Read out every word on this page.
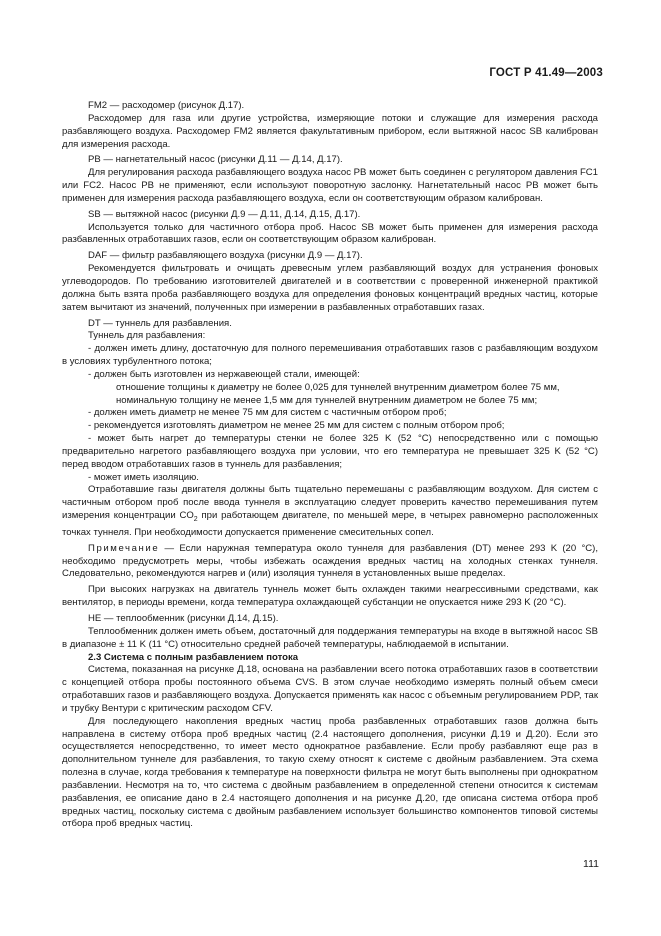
ГОСТ Р 41.49—2003

FM2 — расходомер (рисунок Д.17).

Расходомер для газа или другие устройства, измеряющие потоки и служащие для измерения расхода разбавляющего воздуха. Расходомер FM2 является факультативным прибором, если вытяжной насос SB калиброван для измерения расхода.

PB — нагнетательный насос (рисунки Д.11 — Д.14, Д.17).

Для регулирования расхода разбавляющего воздуха насос PB может быть соединен с регулятором давления FC1 или FC2. Насос PB не применяют, если используют поворотную заслонку. Нагнетательный насос PB может быть применен для измерения расхода разбавляющего воздуха, если он соответствующим образом калиброван.

SB — вытяжной насос (рисунки Д.9 — Д.11, Д.14, Д.15, Д.17).

Используется только для частичного отбора проб. Насос SB может быть применен для измерения расхода разбавленных отработавших газов, если он соответствующим образом калиброван.

DAF — фильтр разбавляющего воздуха (рисунки Д.9 — Д.17).

Рекомендуется фильтровать и очищать древесным углем разбавляющий воздух для устранения фоновых углеводородов. По требованию изготовителей двигателей и в соответствии с проверенной инженерной практикой должна быть взята проба разбавляющего воздуха для определения фоновых концентраций вредных частиц, которые затем вычитают из значений, полученных при измерении в разбавленных отработавших газах.

DT — туннель для разбавления.

Туннель для разбавления:

- должен иметь длину, достаточную для полного перемешивания отработавших газов с разбавляющим воздухом в условиях турбулентного потока;

- должен быть изготовлен из нержавеющей стали, имеющей:

отношение толщины к диаметру не более 0,025 для туннелей внутренним диаметром более 75 мм,

номинальную толщину не менее 1,5 мм для туннелей внутренним диаметром не более 75 мм;

- должен иметь диаметр не менее 75 мм для систем с частичным отбором проб;

- рекомендуется изготовлять диаметром не менее 25 мм для систем с полным отбором проб;

- может быть нагрет до температуры стенки не более 325 K (52 °C) непосредственно или с помощью предварительно нагретого разбавляющего воздуха при условии, что его температура не превышает 325 K (52 °C) перед вводом отработавших газов в туннель для разбавления;

- может иметь изоляцию.

Отработавшие газы двигателя должны быть тщательно перемешаны с разбавляющим воздухом. Для систем с частичным отбором проб после ввода туннеля в эксплуатацию следует проверить качество перемешивания путем измерения концентрации $CO_2$ при работающем двигателе, по меньшей мере, в четырех равномерно расположенных точках туннеля. При необходимости допускается применение смесительных сопел.

Примечание — Если наружная температура около туннеля для разбавления (DT) менее 293 K (20 °C), необходимо предусмотреть меры, чтобы избежать осаждения вредных частиц на холодных стенках туннеля. Следовательно, рекомендуются нагрев и (или) изоляция туннеля в установленных выше пределах.

При высоких нагрузках на двигатель туннель может быть охлажден такими неагрессивными средствами, как вентилятор, в периоды времени, когда температура охлаждающей субстанции не опускается ниже 293 K (20 °C).

HE — теплообменник (рисунки Д.14, Д.15).

Теплообменник должен иметь объем, достаточный для поддержания температуры на входе в вытяжной насос SB в диапазоне ± 11 K (11 °C) относительно средней рабочей температуры, наблюдаемой в испытании.

2.3 Система с полным разбавлением потока

Система, показанная на рисунке Д.18, основана на разбавлении всего потока отработавших газов в соответствии с концепцией отбора пробы постоянного объема CVS. В этом случае необходимо измерять полный объем смеси отработавших газов и разбавляющего воздуха. Допускается применять как насос с объемным регулированием PDP, так и трубку Вентури с критическим расходом CFV.

Для последующего накопления вредных частиц проба разбавленных отработавших газов должна быть направлена в систему отбора проб вредных частиц (2.4 настоящего дополнения, рисунки Д.19 и Д.20). Если это осуществляется непосредственно, то имеет место однократное разбавление. Если пробу разбавляют еще раз в дополнительном туннеле для разбавления, то такую схему относят к системе с двойным разбавлением. Эта схема полезна в случае, когда требования к температуре на поверхности фильтра не могут быть выполнены при однократном разбавлении. Несмотря на то, что система с двойным разбавлением в определенной степени относится к системам разбавления, ее описание дано в 2.4 настоящего дополнения и на рисунке Д.20, где описана система отбора проб вредных частиц, поскольку система с двойным разбавлением использует большинство компонентов типовой системы отбора проб вредных частиц.

111
